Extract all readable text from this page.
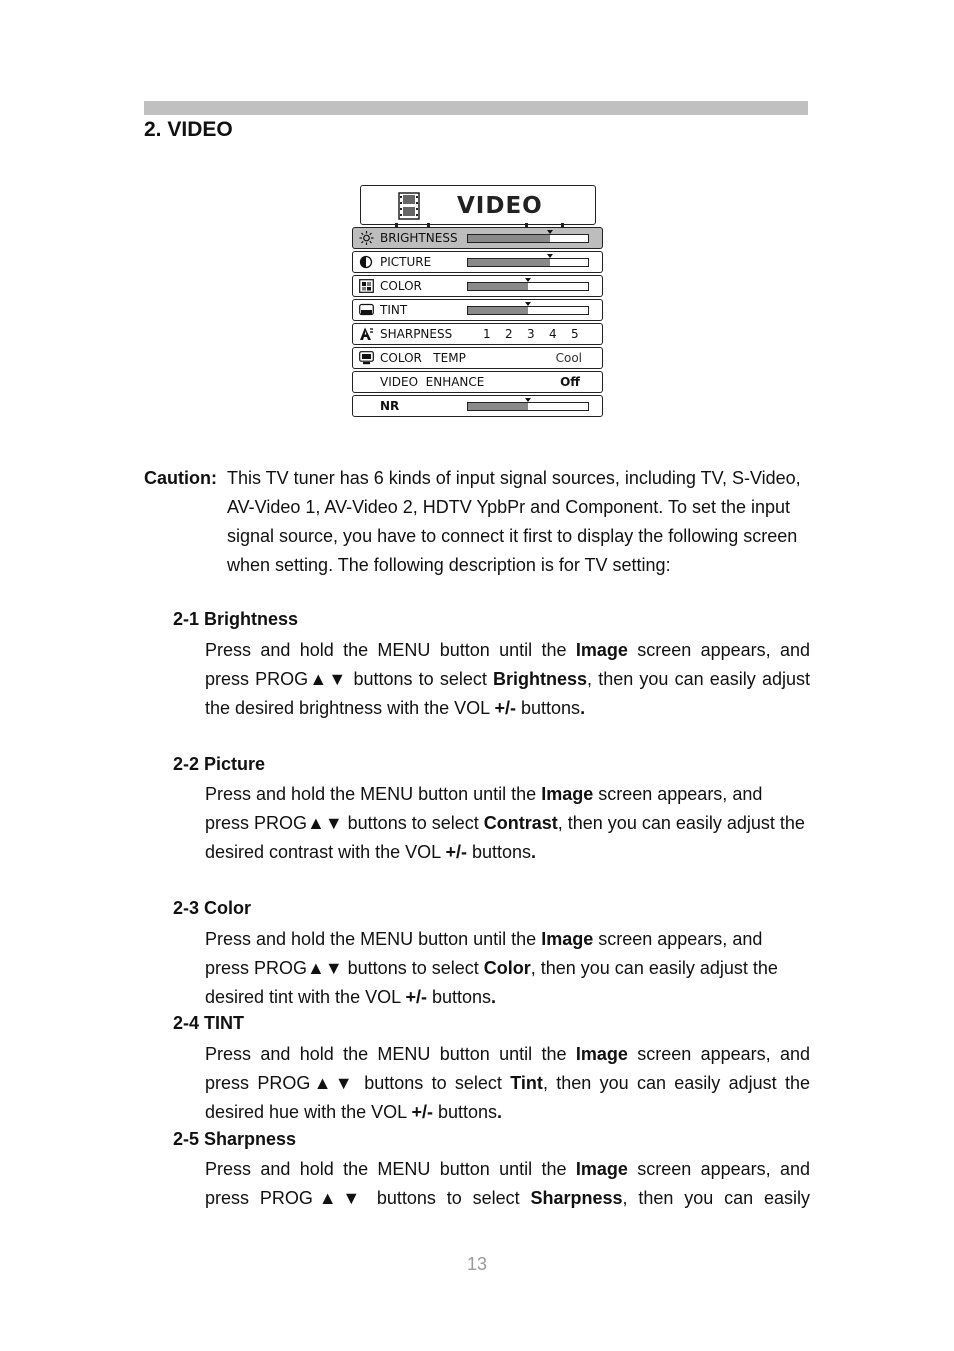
2. VIDEO
VIDEO
BRIGHTNESS
PICTURE
COLOR
TINT
SHARPNESS	1 2 3 4 5
COLOR   TEMP	Cool
VIDEO  ENHANCE	Off
NR
Caution: This TV tuner has 6 kinds of input signal sources, including TV, S-Video, AV-Video 1, AV-Video 2, HDTV YpbPr and Component. To set the input signal source, you have to connect it first to display the following screen when setting. The following description is for TV setting:
2-1 Brightness
Press and hold the MENU button until the Image screen appears, and press PROG▲▼ buttons to select Brightness, then you can easily adjust the desired brightness with the VOL +/- buttons.
2-2 Picture
Press and hold the MENU button until the Image screen appears, and press PROG▲▼ buttons to select Contrast, then you can easily adjust the desired contrast with the VOL +/- buttons.
2-3 Color
Press and hold the MENU button until the Image screen appears, and press PROG▲▼ buttons to select Color, then you can easily adjust the desired tint with the VOL +/- buttons.
2-4 TINT
Press and hold the MENU button until the Image screen appears, and press PROG▲▼ buttons to select Tint, then you can easily adjust the desired hue with the VOL +/- buttons.
2-5 Sharpness
Press and hold the MENU button until the Image screen appears, and press PROG▲▼ buttons to select Sharpness, then you can easily
13
